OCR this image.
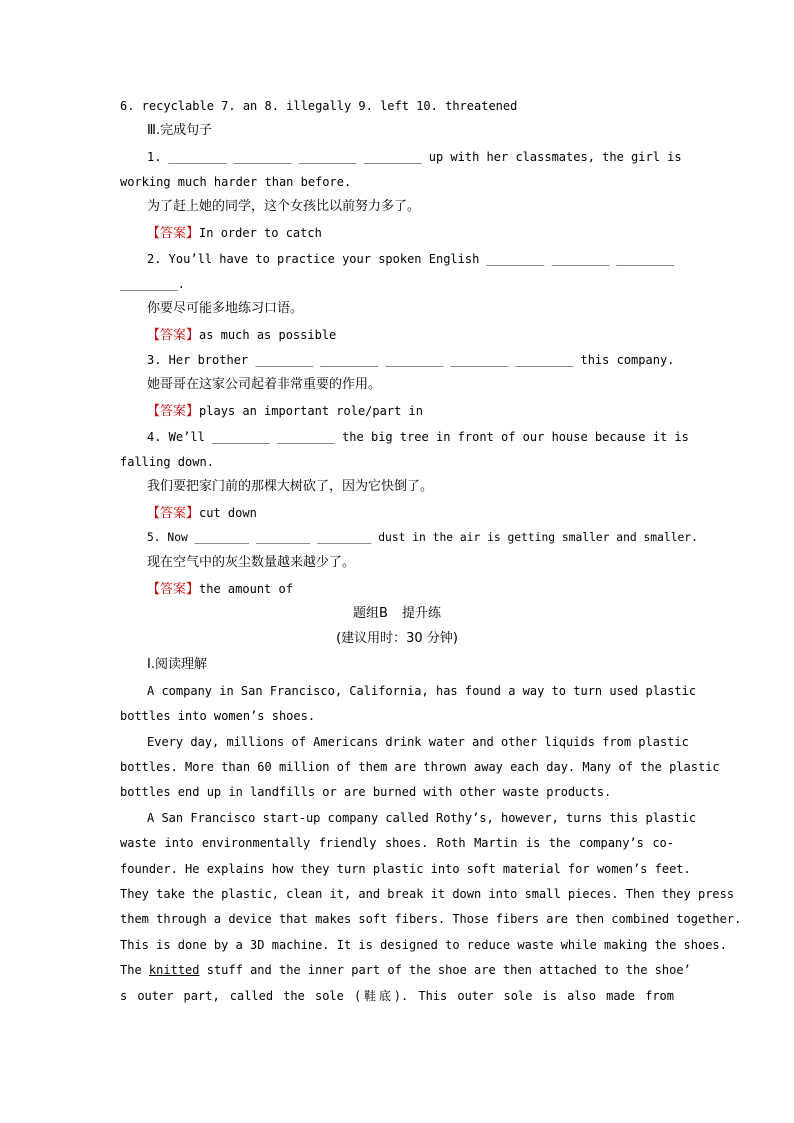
6. recyclable 7. an 8. illegally 9. left 10. threatened
Ⅲ.完成句子
1. ________ ________ ________ ________ up with her classmates, the girl is
working much harder than before.
为了赶上她的同学，这个女孩比以前努力多了。
【答案】In order to catch
2. You’ll have to practice your spoken English ________ ________ ________
________.
你要尽可能多地练习口语。
【答案】as much as possible
3. Her brother ________ ________ ________ ________ ________ this company.
她哥哥在这家公司起着非常重要的作用。
【答案】plays an important role/part in
4. We’ll ________ ________ the big tree in front of our house because it is
falling down.
我们要把家门前的那棵大树砍了，因为它快倒了。
【答案】cut down
5. Now ________ ________ ________ dust in the air is getting smaller and smaller.
现在空气中的灰尘数量越来越少了。
【答案】the amount of
题组B 提升练
(建议用时：30 分钟)
Ⅰ.阅读理解
A company in San Francisco, California, has found a way to turn used plastic
bottles into women’s shoes.
Every day, millions of Americans drink water and other liquids from plastic
bottles. More than 60 million of them are thrown away each day. Many of the plastic
bottles end up in landfills or are burned with other waste products.
A San Francisco start-up company called Rothy’s, however, turns this plastic
waste into environmentally friendly shoes. Roth Martin is the company’s co-
founder. He explains how they turn plastic into soft material for women’s feet.
They take the plastic, clean it, and break it down into small pieces. Then they press
them through a device that makes soft fibers. Those fibers are then combined together.
This is done by a 3D machine. It is designed to reduce waste while making the shoes.
The knitted stuff and the inner part of the shoe are then attached to the shoe’
s outer part, called the sole (鞋底). This outer sole is also made from
